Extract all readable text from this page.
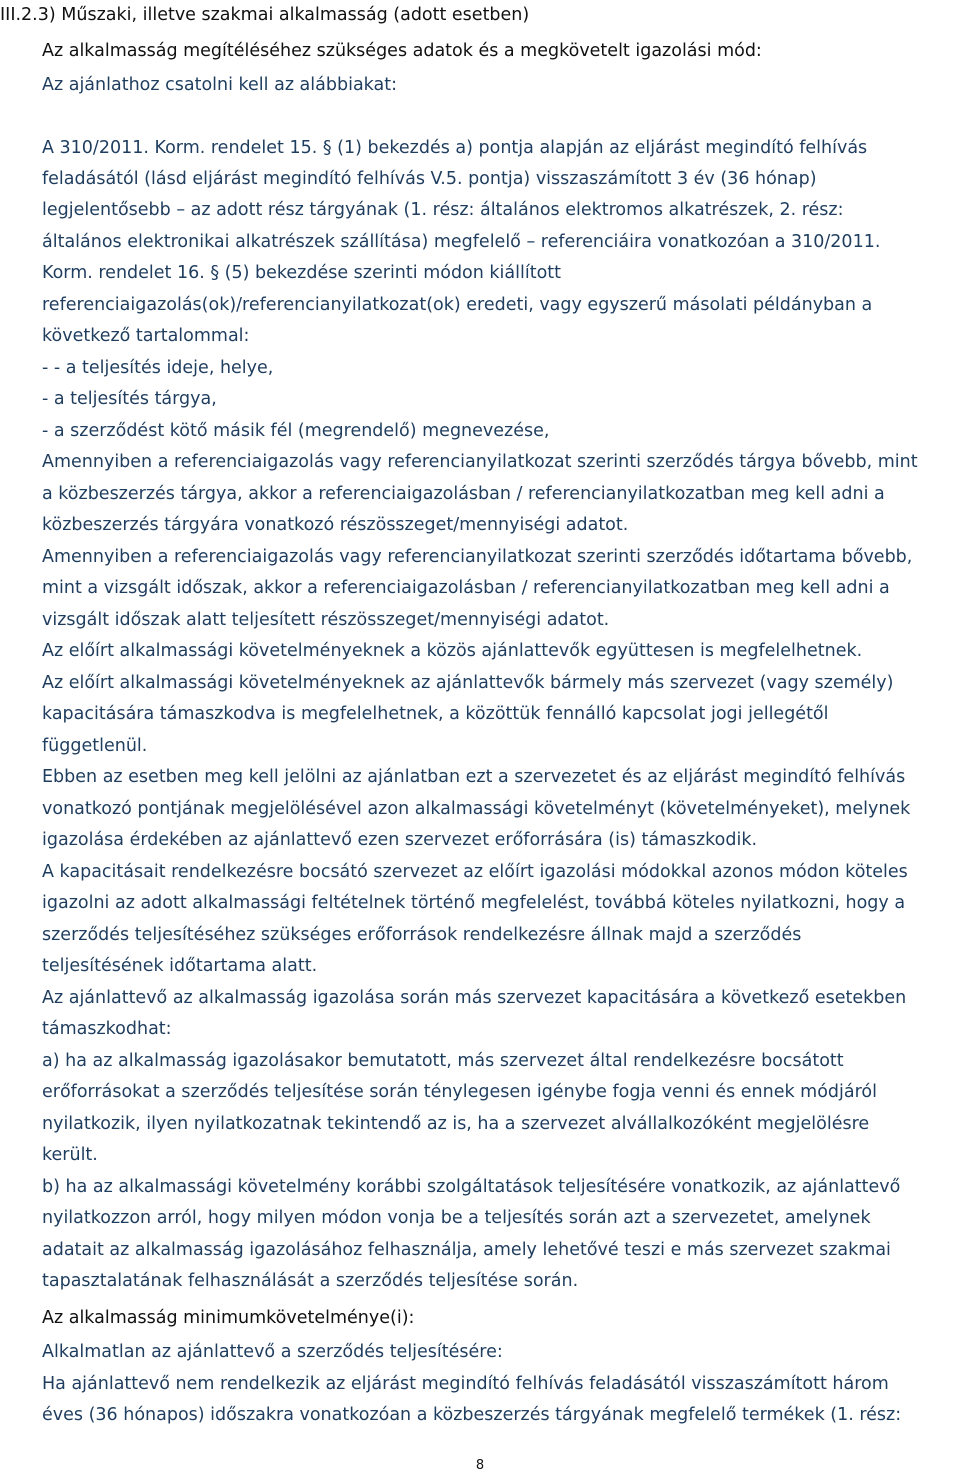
III.2.3) Műszaki, illetve szakmai alkalmasság (adott esetben)
Az alkalmasság megítéléséhez szükséges adatok és a megkövetelt igazolási mód:
Az ajánlathoz csatolni kell az alábbiakat:
A 310/2011. Korm. rendelet 15. § (1) bekezdés a) pontja alapján az eljárást megindító felhívás
feladásától (lásd eljárást megindító felhívás V.5. pontja) visszaszámított 3 év (36 hónap)
legjelentősebb – az adott rész tárgyának (1. rész: általános elektromos alkatrészek, 2. rész:
általános elektronikai alkatrészek szállítása) megfelelő – referenciáira vonatkozóan a 310/2011.
Korm. rendelet 16. § (5) bekezdése szerinti módon kiállított
referenciaigazolás(ok)/referencianyilatkozat(ok) eredeti, vagy egyszerű másolati példányban a
következő tartalommal:
- - a teljesítés ideje, helye,
- a teljesítés tárgya,
- a szerződést kötő másik fél (megrendelő) megnevezése,
Amennyiben a referenciaigazolás vagy referencianyilatkozat szerinti szerződés tárgya bővebb, mint
a közbeszerzés tárgya, akkor a referenciaigazolásban / referencianyilatkozatban meg kell adni a
közbeszerzés tárgyára vonatkozó részösszeget/mennyiségi adatot.
Amennyiben a referenciaigazolás vagy referencianyilatkozat szerinti szerződés időtartama bővebb,
mint a vizsgált időszak, akkor a referenciaigazolásban / referencianyilatkozatban meg kell adni a
vizsgált időszak alatt teljesített részösszeget/mennyiségi adatot.
Az előírt alkalmassági követelményeknek a közös ajánlattevők együttesen is megfelelhetnek.
Az előírt alkalmassági követelményeknek az ajánlattevők bármely más szervezet (vagy személy)
kapacitására támaszkodva is megfelelhetnek, a közöttük fennálló kapcsolat jogi jellegétől
függetlenül.
Ebben az esetben meg kell jelölni az ajánlatban ezt a szervezetet és az eljárást megindító felhívás
vonatkozó pontjának megjelölésével azon alkalmassági követelményt (követelményeket), melynek
igazolása érdekében az ajánlattevő ezen szervezet erőforrására (is) támaszkodik.
A kapacitásait rendelkezésre bocsátó szervezet az előírt igazolási módokkal azonos módon köteles
igazolni az adott alkalmassági feltételnek történő megfelelést, továbbá köteles nyilatkozni, hogy a
szerződés teljesítéséhez szükséges erőforrások rendelkezésre állnak majd a szerződés
teljesítésének időtartama alatt.
Az ajánlattevő az alkalmasság igazolása során más szervezet kapacitására a következő esetekben
támaszkodhat:
a) ha az alkalmasság igazolásakor bemutatott, más szervezet által rendelkezésre bocsátott
erőforrásokat a szerződés teljesítése során ténylegesen igénybe fogja venni és ennek módjáról
nyilatkozik, ilyen nyilatkozatnak tekintendő az is, ha a szervezet alvállalkozóként megjelölésre
került.
b) ha az alkalmassági követelmény korábbi szolgáltatások teljesítésére vonatkozik, az ajánlattevő
nyilatkozzon arról, hogy milyen módon vonja be a teljesítés során azt a szervezetet, amelynek
adatait az alkalmasság igazolásához felhasználja, amely lehetővé teszi e más szervezet szakmai
tapasztalatának felhasználását a szerződés teljesítése során.
Az alkalmasság minimumkövetelménye(i):
Alkalmatlan az ajánlattevő a szerződés teljesítésére:
Ha ajánlattevő nem rendelkezik az eljárást megindító felhívás feladásától visszaszámított három
éves (36 hónapos) időszakra vonatkozóan a közbeszerzés tárgyának megfelelő termékek (1. rész:
8
